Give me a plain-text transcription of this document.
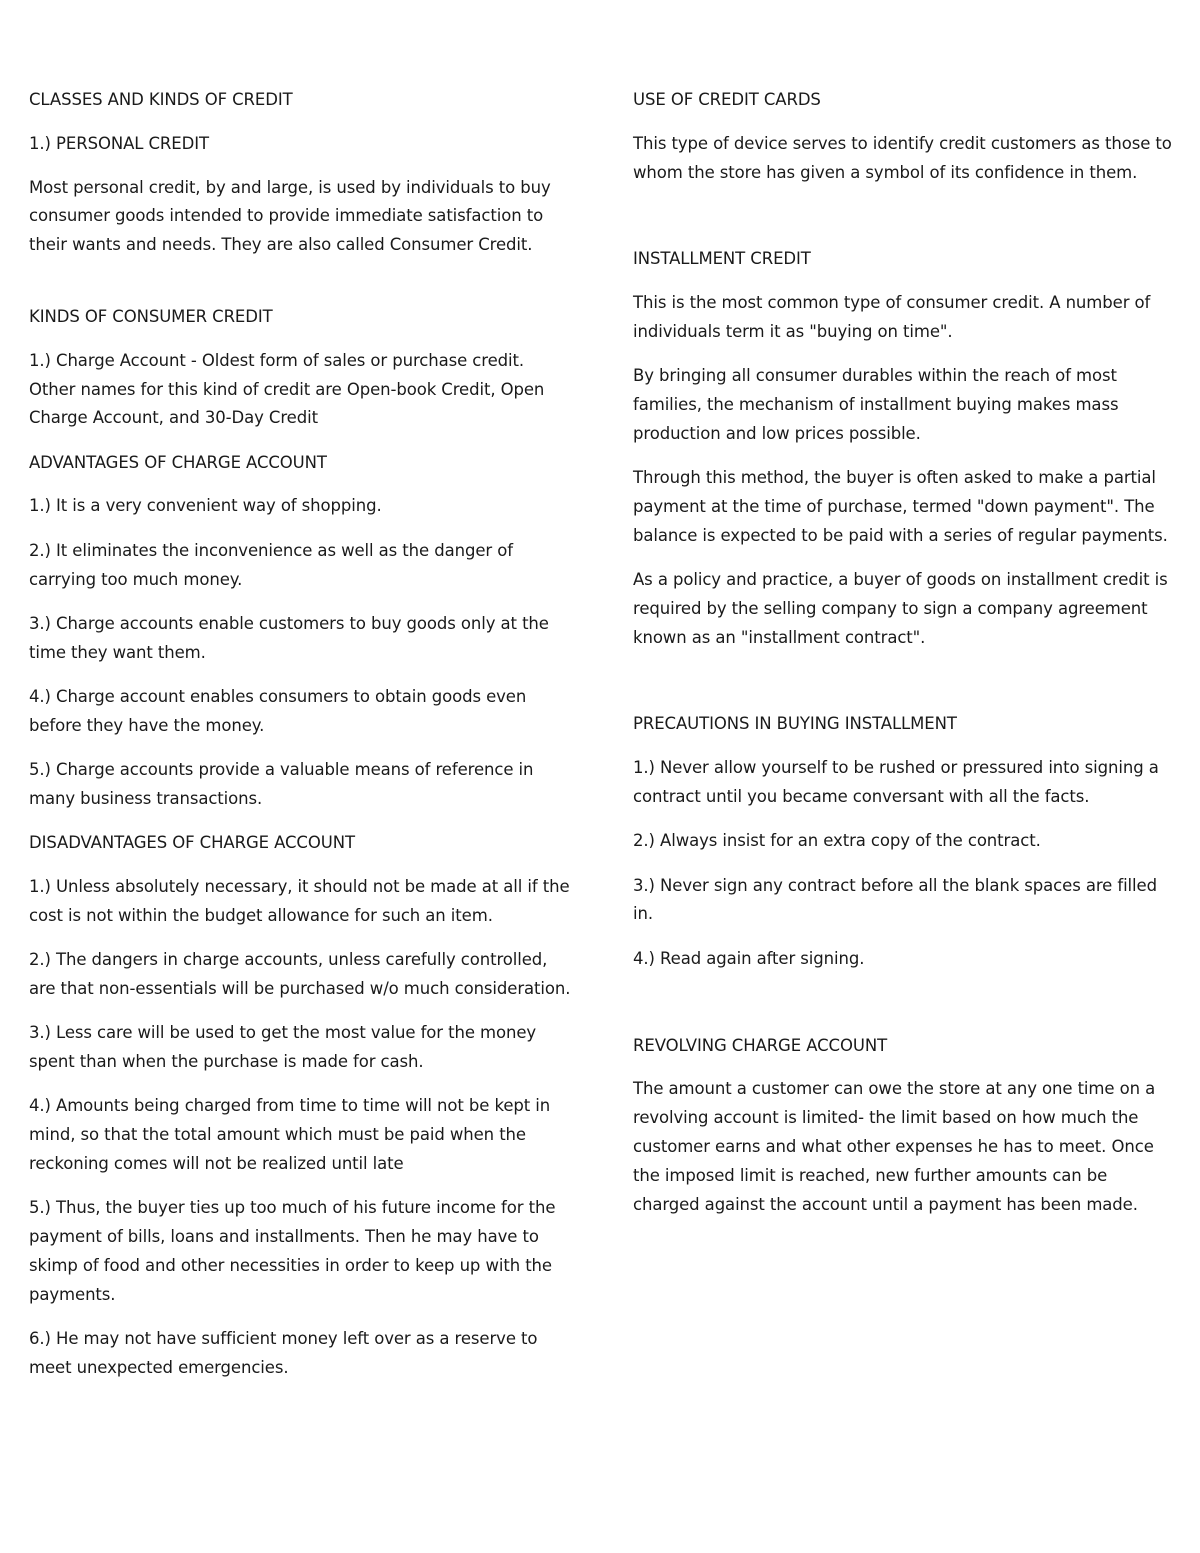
CLASSES AND KINDS OF CREDIT

1.) PERSONAL CREDIT

Most personal credit, by and large, is used by individuals to buy consumer goods intended to provide immediate satisfaction to their wants and needs. They are also called Consumer Credit.

KINDS OF CONSUMER CREDIT

1.) Charge Account - Oldest form of sales or purchase credit. Other names for this kind of credit are Open-book Credit, Open Charge Account, and 30-Day Credit

ADVANTAGES OF CHARGE ACCOUNT

1.) It is a very convenient way of shopping.

2.) It eliminates the inconvenience as well as the danger of carrying too much money.

3.) Charge accounts enable customers to buy goods only at the time they want them.

4.) Charge account enables consumers to obtain goods even before they have the money.

5.) Charge accounts provide a valuable means of reference in many business transactions.

DISADVANTAGES OF CHARGE ACCOUNT

1.) Unless absolutely necessary, it should not be made at all if the cost is not within the budget allowance for such an item.

2.) The dangers in charge accounts, unless carefully controlled, are that non-essentials will be purchased w/o much consideration.

3.) Less care will be used to get the most value for the money spent than when the purchase is made for cash.

4.) Amounts being charged from time to time will not be kept in mind, so that the total amount which must be paid when the reckoning comes will not be realized until late

5.) Thus, the buyer ties up too much of his future income for the payment of bills, loans and installments. Then he may have to skimp of food and other necessities in order to keep up with the payments.

6.) He may not have sufficient money left over as a reserve to meet unexpected emergencies.

USE OF CREDIT CARDS

This type of device serves to identify credit customers as those to whom the store has given a symbol of its confidence in them.

INSTALLMENT CREDIT

This is the most common type of consumer credit. A number of individuals term it as "buying on time".

By bringing all consumer durables within the reach of most families, the mechanism of installment buying makes mass production and low prices possible.

Through this method, the buyer is often asked to make a partial payment at the time of purchase, termed "down payment". The balance is expected to be paid with a series of regular payments.

As a policy and practice, a buyer of goods on installment credit is required by the selling company to sign a company agreement known as an "installment contract".

PRECAUTIONS IN BUYING INSTALLMENT

1.) Never allow yourself to be rushed or pressured into signing a contract until you became conversant with all the facts.

2.) Always insist for an extra copy of the contract.

3.) Never sign any contract before all the blank spaces are filled in.

4.) Read again after signing.

REVOLVING CHARGE ACCOUNT

The amount a customer can owe the store at any one time on a revolving account is limited- the limit based on how much the customer earns and what other expenses he has to meet. Once the imposed limit is reached, new further amounts can be charged against the account until a payment has been made.
